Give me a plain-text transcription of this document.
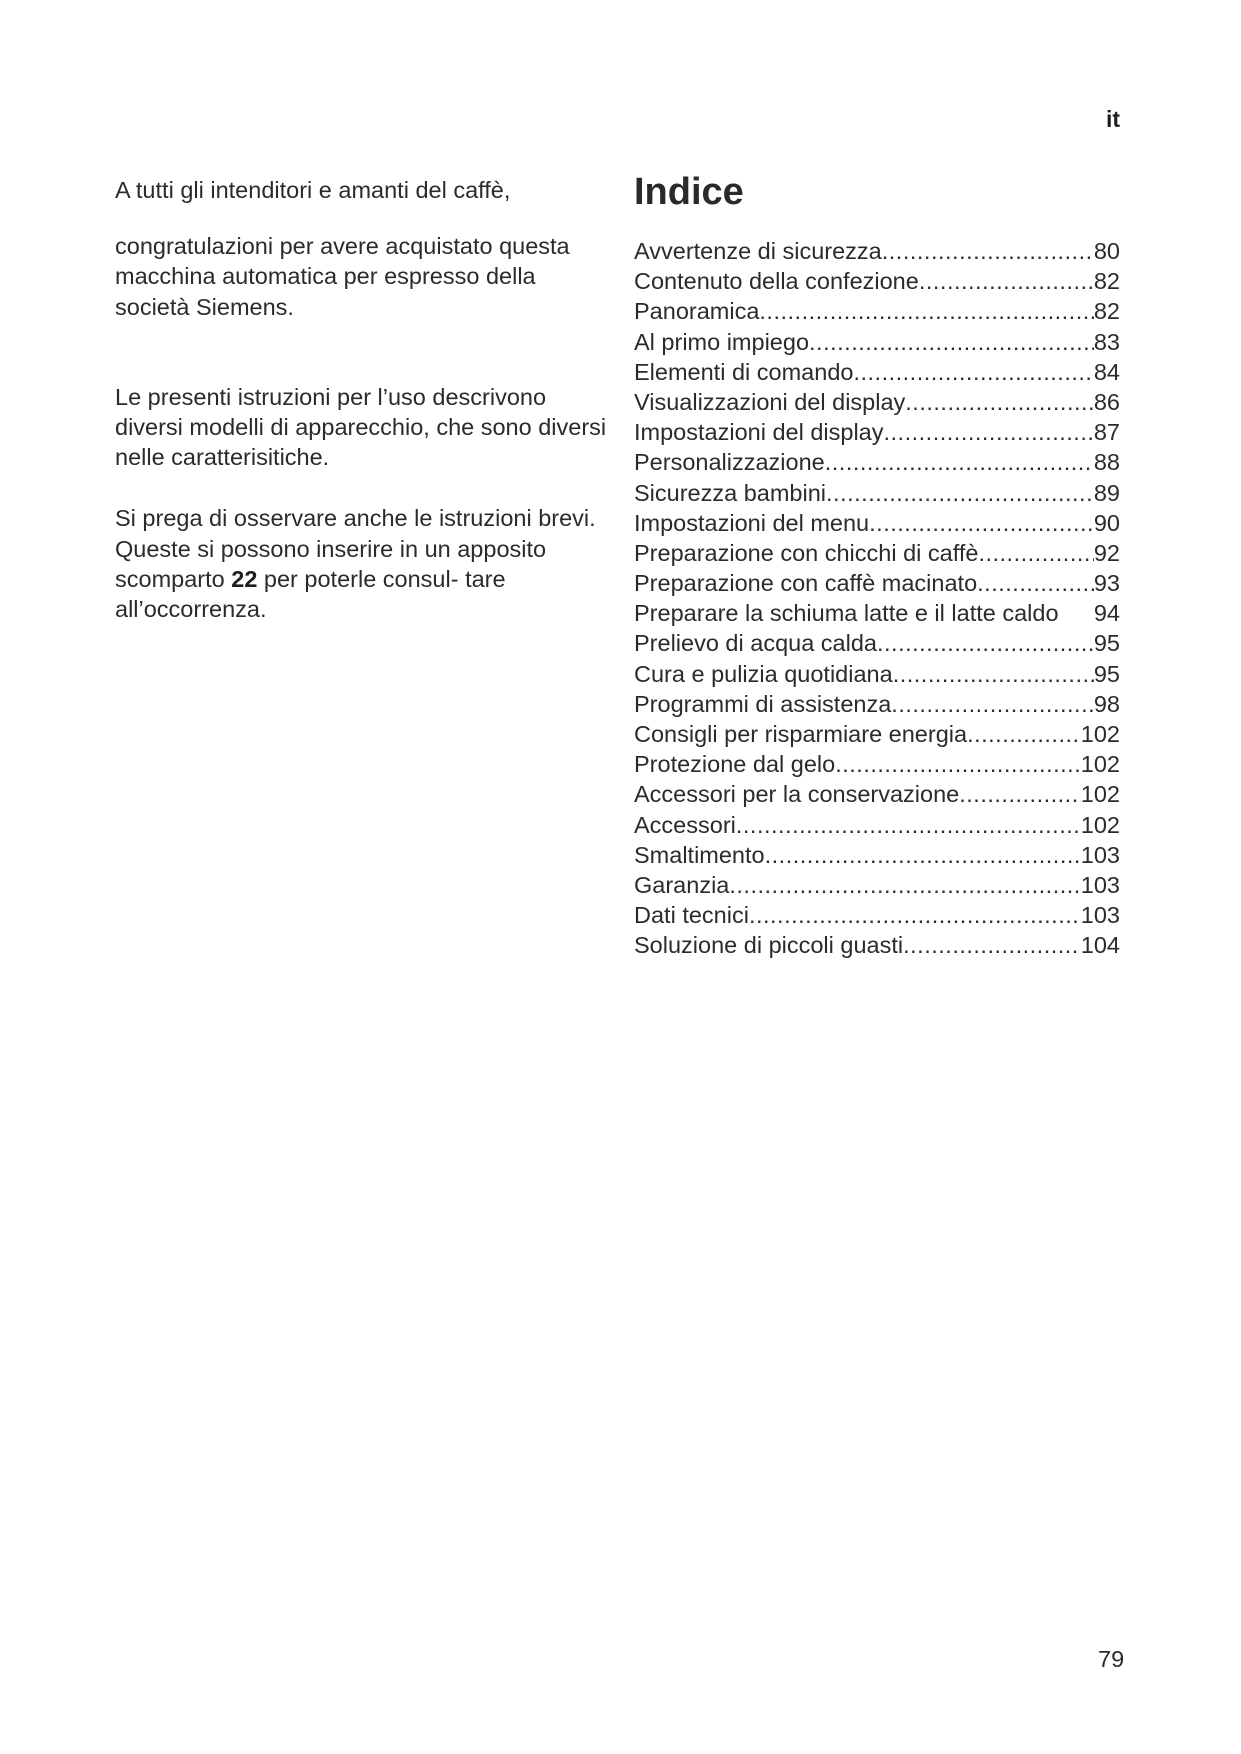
it

A tutti gli intenditori e amanti del caffè,

congratulazioni per avere acquistato questa macchina automatica per espresso della società Siemens.

Le presenti istruzioni per l’uso descrivono diversi modelli di apparecchio, che sono diversi nelle caratterisitiche.

Si prega di osservare anche le istruzioni brevi. Queste si possono inserire in un apposito scomparto 22 per poterle consul- tare all’occorrenza.

Indice
Avvertenze di sicurezza .....	80
Contenuto della confezione .....	82
Panoramica .....	82
Al primo impiego .....	83
Elementi di comando .....	84
Visualizzazioni del display .....	86
Impostazioni del display .....	87
Personalizzazione .....	88
Sicurezza bambini .....	89
Impostazioni del menu .....	90
Preparazione con chicchi di caffè .....	92
Preparazione con caffè macinato .....	93
Preparare la schiuma latte e il latte caldo 94
Prelievo di acqua calda .....	95
Cura e pulizia quotidiana .....	95
Programmi di assistenza .....	98
Consigli per risparmiare energia .....	102
Protezione dal gelo .....	102
Accessori per la conservazione .....	102
Accessori .....	102
Smaltimento .....	103
Garanzia .....	103
Dati tecnici .....	103
Soluzione di piccoli guasti .....	104
79
